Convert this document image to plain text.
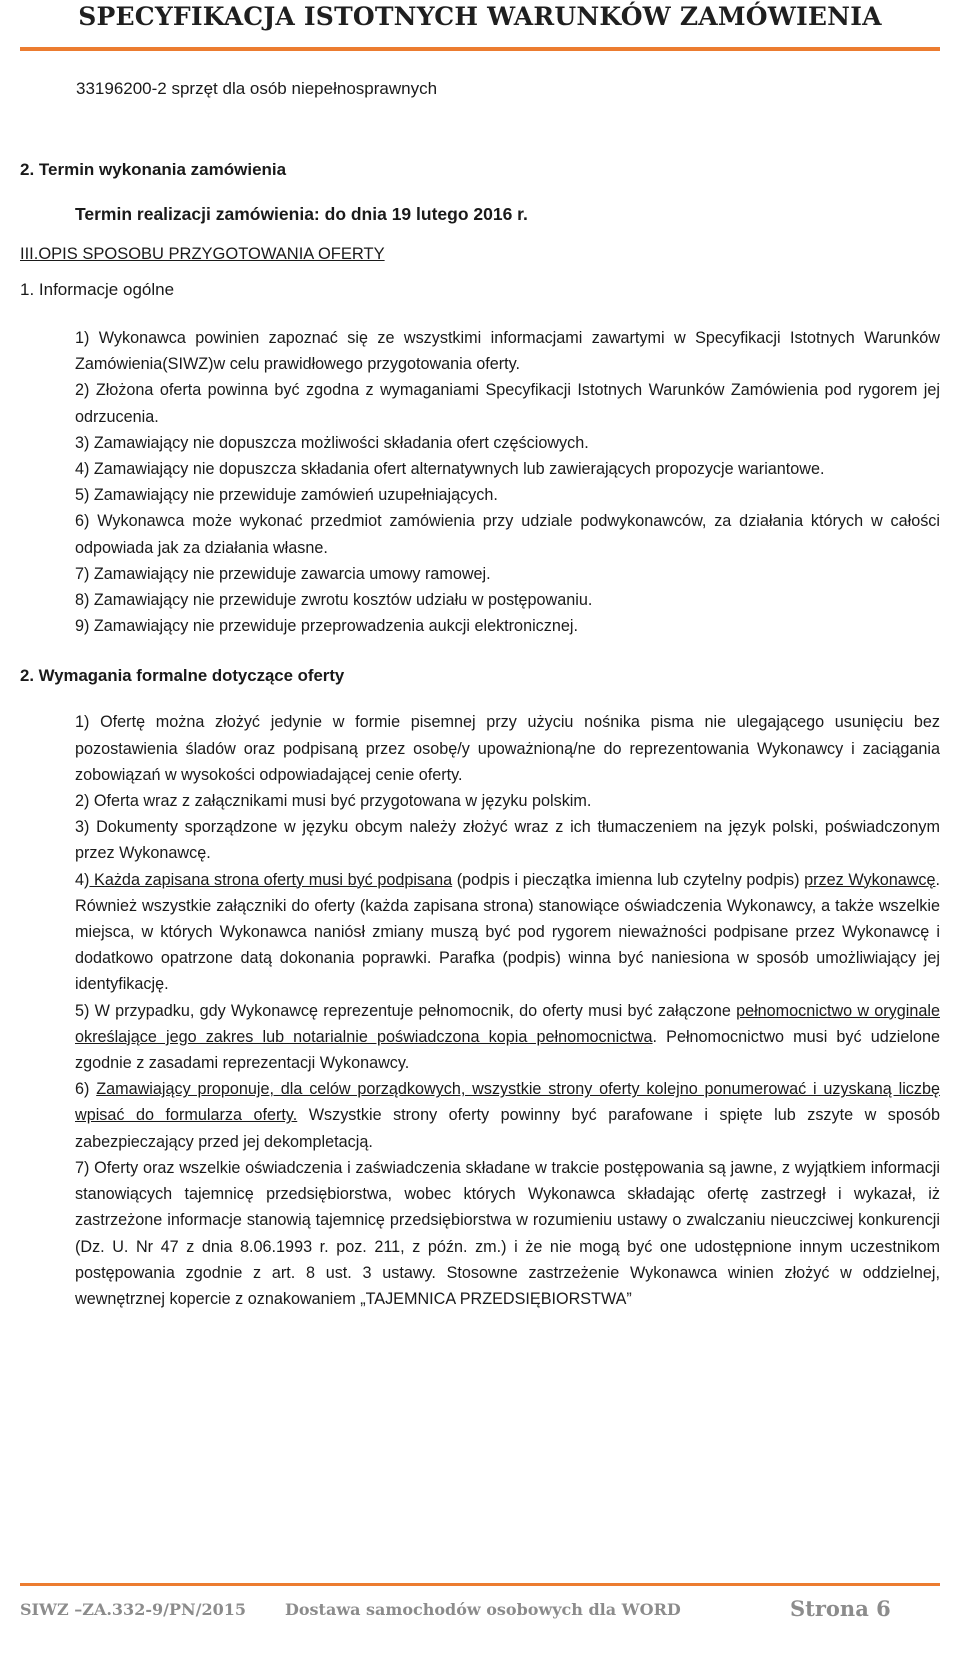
SPECYFIKACJA ISTOTNYCH WARUNKÓW ZAMÓWIENIA
33196200-2 sprzęt dla osób niepełnosprawnych
2. Termin wykonania zamówienia
Termin realizacji zamówienia: do dnia 19 lutego 2016 r.
III.OPIS SPOSOBU PRZYGOTOWANIA OFERTY
1. Informacje ogólne
1) Wykonawca powinien zapoznać się ze wszystkimi informacjami zawartymi w Specyfikacji Istotnych Warunków Zamówienia(SIWZ)w celu prawidłowego przygotowania oferty.
2) Złożona oferta powinna być zgodna z wymaganiami Specyfikacji Istotnych Warunków Zamówienia pod rygorem jej odrzucenia.
3) Zamawiający nie dopuszcza możliwości składania ofert częściowych.
4) Zamawiający nie dopuszcza składania ofert alternatywnych lub zawierających propozycje wariantowe.
5) Zamawiający nie przewiduje zamówień uzupełniających.
6) Wykonawca może wykonać przedmiot zamówienia przy udziale podwykonawców, za działania których w całości odpowiada jak za działania własne.
7) Zamawiający nie przewiduje zawarcia umowy ramowej.
8) Zamawiający nie przewiduje zwrotu kosztów udziału w postępowaniu.
9) Zamawiający nie przewiduje przeprowadzenia aukcji elektronicznej.
2. Wymagania formalne dotyczące oferty
1) Ofertę można złożyć jedynie w formie pisemnej przy użyciu nośnika pisma nie ulegającego usunięciu bez pozostawienia śladów oraz podpisaną przez osobę/y upoważnioną/ne do reprezentowania Wykonawcy i zaciągania zobowiązań w wysokości odpowiadającej cenie oferty.
2) Oferta wraz z załącznikami musi być przygotowana w języku polskim.
3) Dokumenty sporządzone w języku obcym należy złożyć wraz z ich tłumaczeniem na język polski, poświadczonym przez Wykonawcę.
4) Każda zapisana strona oferty musi być podpisana (podpis i pieczątka imienna lub czytelny podpis) przez Wykonawcę. Również wszystkie załączniki do oferty (każda zapisana strona) stanowiące oświadczenia Wykonawcy, a także wszelkie miejsca, w których Wykonawca naniósł zmiany muszą być pod rygorem nieważności podpisane przez Wykonawcę i dodatkowo opatrzone datą dokonania poprawki. Parafka (podpis) winna być naniesiona w sposób umożliwiający jej identyfikację.
5) W przypadku, gdy Wykonawcę reprezentuje pełnomocnik, do oferty musi być załączone pełnomocnictwo w oryginale określające jego zakres lub notarialnie poświadczona kopia pełnomocnictwa. Pełnomocnictwo musi być udzielone zgodnie z zasadami reprezentacji Wykonawcy.
6) Zamawiający proponuje, dla celów porządkowych, wszystkie strony oferty kolejno ponumerować i uzyskaną liczbę wpisać do formularza oferty. Wszystkie strony oferty powinny być parafowane i spięte lub zszyte w sposób zabezpieczający przed jej dekompletacją.
7) Oferty oraz wszelkie oświadczenia i zaświadczenia składane w trakcie postępowania są jawne, z wyjątkiem informacji stanowiących tajemnicę przedsiębiorstwa, wobec których Wykonawca składając ofertę zastrzegł i wykazał, iż zastrzeżone informacje stanowią tajemnicę przedsiębiorstwa w rozumieniu ustawy o zwalczaniu nieuczciwej konkurencji (Dz. U. Nr 47 z dnia 8.06.1993 r. poz. 211, z późn. zm.) i że nie mogą być one udostępnione innym uczestnikom postępowania zgodnie z art. 8 ust. 3 ustawy. Stosowne zastrzeżenie Wykonawca winien złożyć w oddzielnej, wewnętrznej kopercie z oznakowaniem „TAJEMNICA PRZEDSIĘBIORSTWA”
SIWZ –ZA.332-9/PN/2015 Dostawa samochodów osobowych dla WORD	Strona 6
